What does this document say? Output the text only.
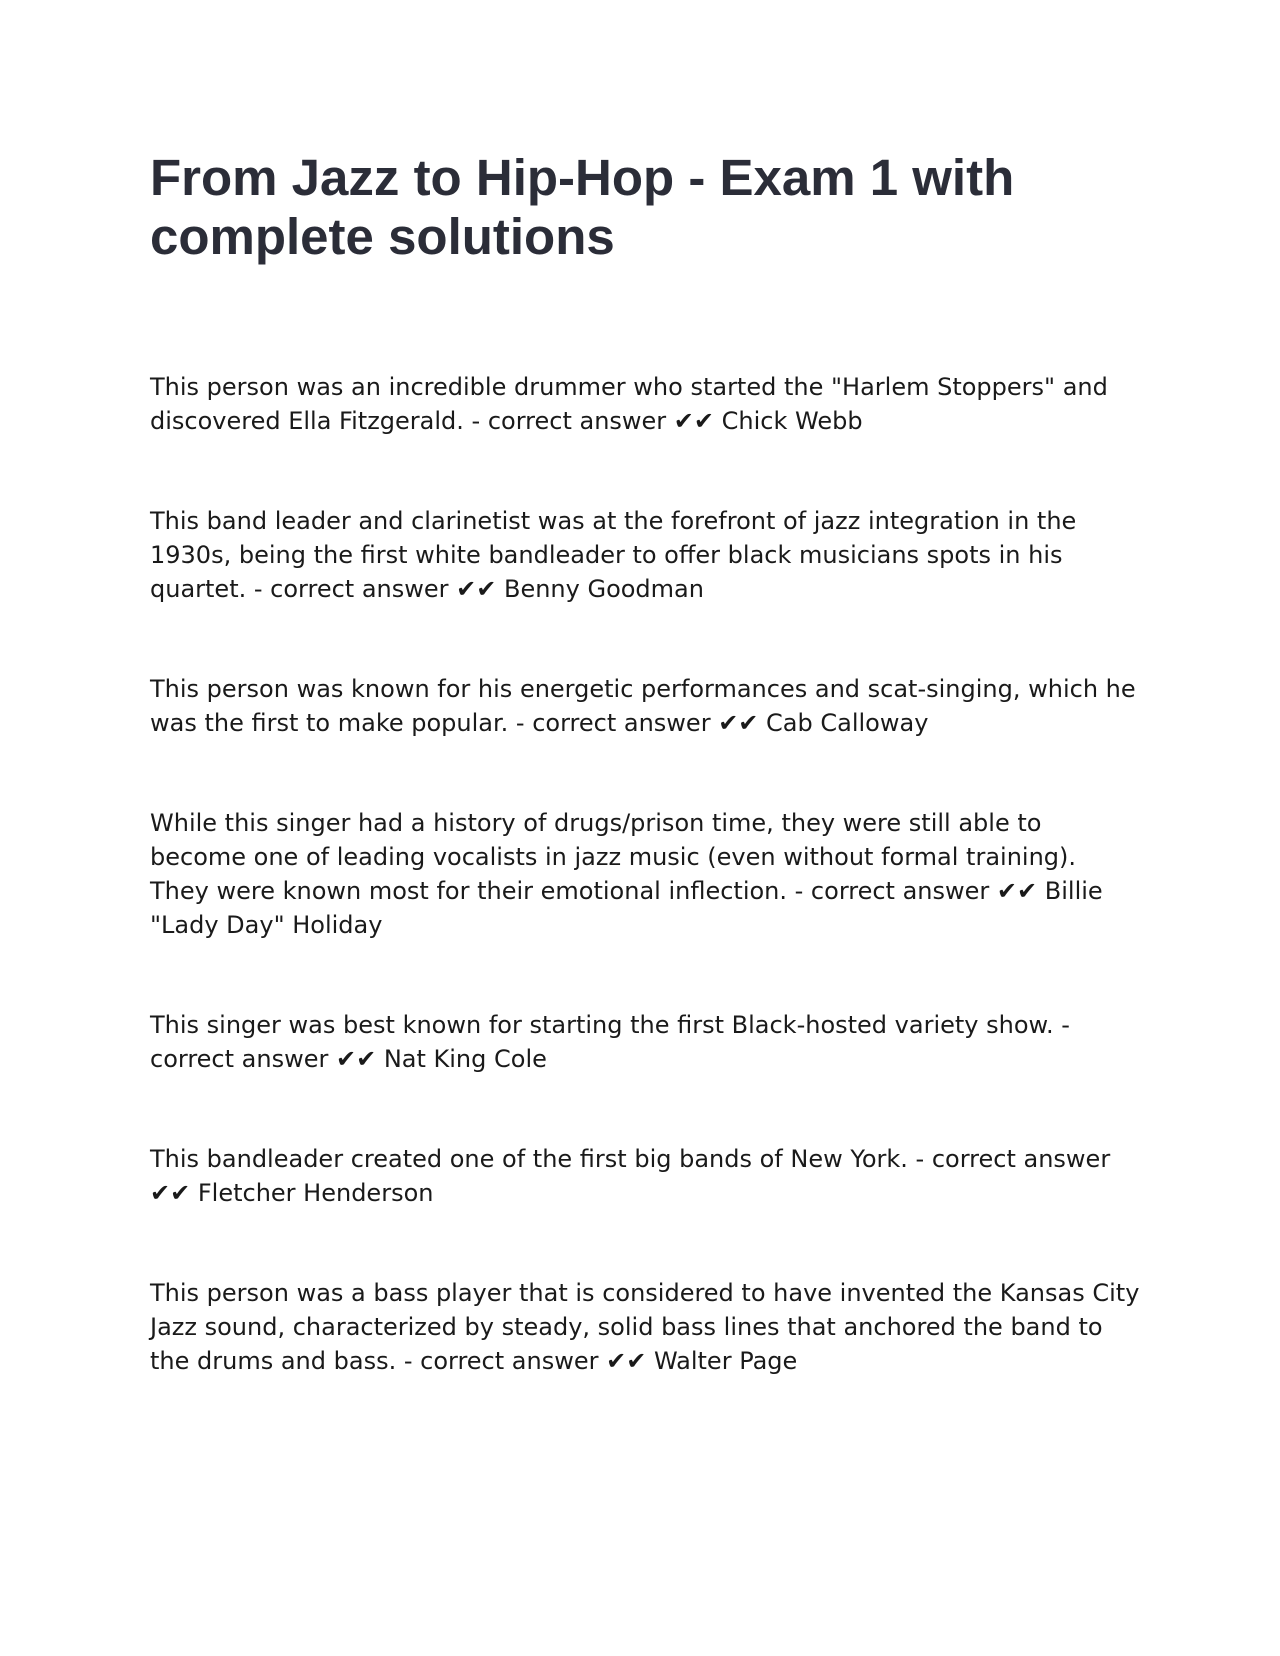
From Jazz to Hip-Hop - Exam 1 with complete solutions
This person was an incredible drummer who started the "Harlem Stoppers" and discovered Ella Fitzgerald. - correct answer ✔✔ Chick Webb
This band leader and clarinetist was at the forefront of jazz integration in the 1930s, being the first white bandleader to offer black musicians spots in his quartet. - correct answer ✔✔ Benny Goodman
This person was known for his energetic performances and scat-singing, which he was the first to make popular. - correct answer ✔✔ Cab Calloway
While this singer had a history of drugs/prison time, they were still able to become one of leading vocalists in jazz music (even without formal training). They were known most for their emotional inflection. - correct answer ✔✔ Billie "Lady Day" Holiday
This singer was best known for starting the first Black-hosted variety show. - correct answer ✔✔ Nat King Cole
This bandleader created one of the first big bands of New York. - correct answer ✔✔ Fletcher Henderson
This person was a bass player that is considered to have invented the Kansas City Jazz sound, characterized by steady, solid bass lines that anchored the band to the drums and bass. - correct answer ✔✔ Walter Page
